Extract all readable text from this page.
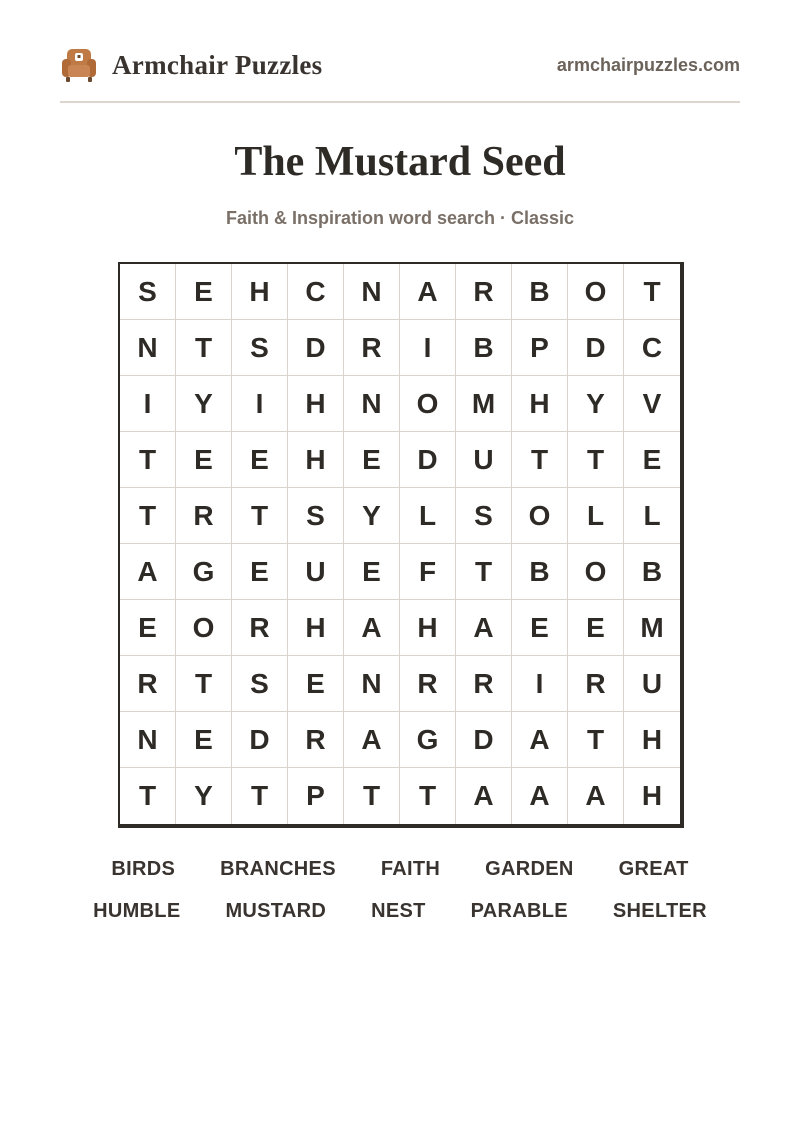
Armchair Puzzles	armchairpuzzles.com
The Mustard Seed
Faith & Inspiration word search · Classic
S	E	H	C	N	A	R	B	O	T
N	T	S	D	R	I	B	P	D	C
I	Y	I	H	N	O	M	H	Y	V
T	E	E	H	E	D	U	T	T	E
T	R	T	S	Y	L	S	O	L	L
A	G	E	U	E	F	T	B	O	B
E	O	R	H	A	H	A	E	E	M
R	T	S	E	N	R	R	I	R	U
N	E	D	R	A	G	D	A	T	H
T	Y	T	P	T	T	A	A	A	H
BIRDS BRANCHES FAITH GARDEN GREAT
HUMBLE MUSTARD NEST PARABLE SHELTER
